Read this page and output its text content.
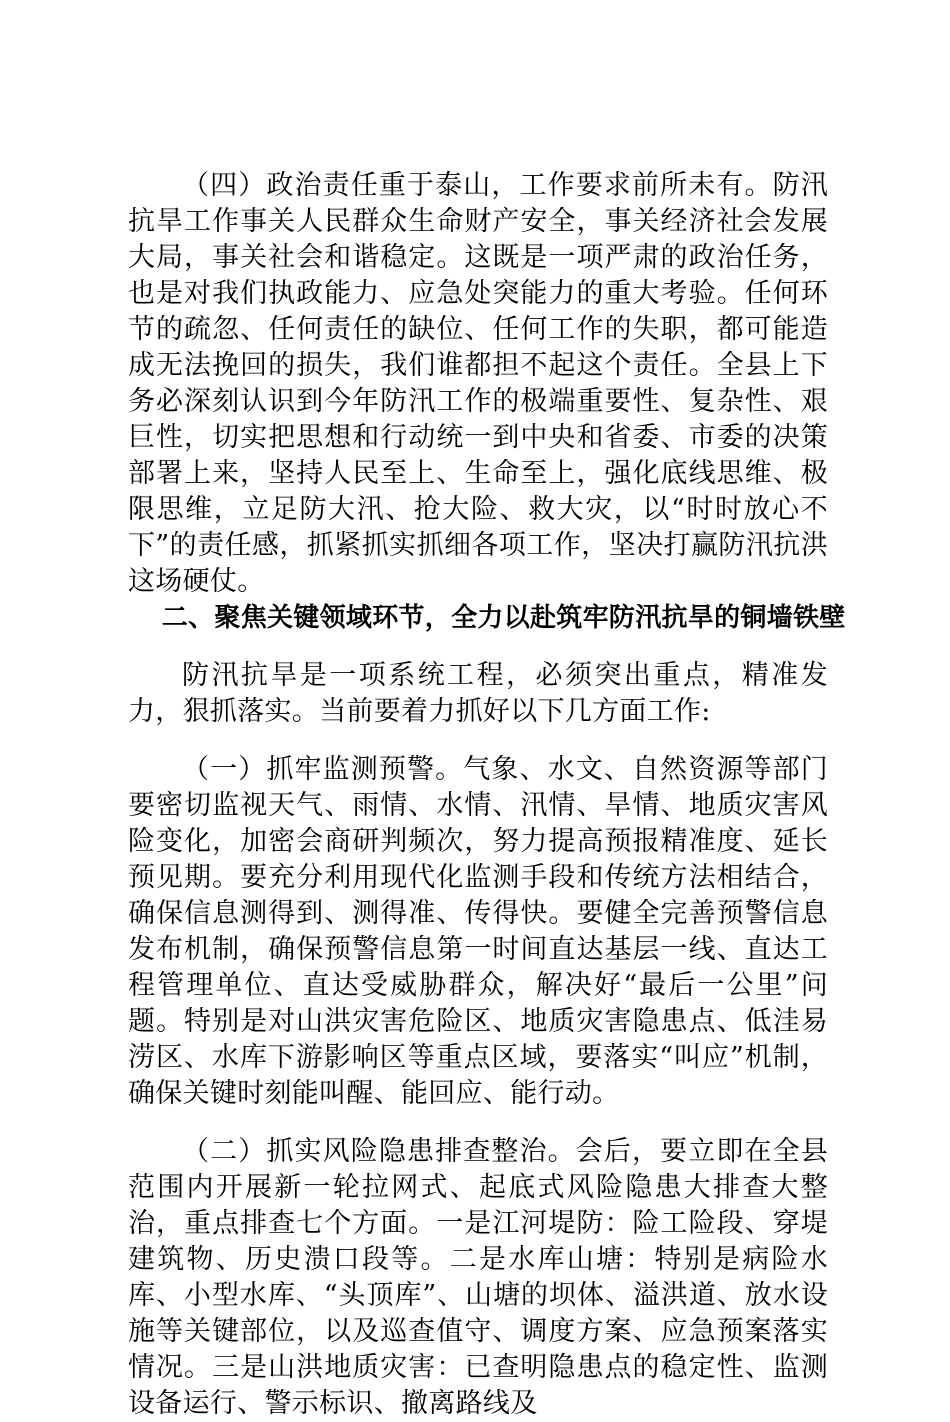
（四）政治责任重于泰山，工作要求前所未有。防汛抗旱工作事关人民群众生命财产安全，事关经济社会发展大局，事关社会和谐稳定。这既是一项严肃的政治任务，也是对我们执政能力、应急处突能力的重大考验。任何环节的疏忽、任何责任的缺位、任何工作的失职，都可能造成无法挽回的损失，我们谁都担不起这个责任。全县上下务必深刻认识到今年防汛工作的极端重要性、复杂性、艰巨性，切实把思想和行动统一到中央和省委、市委的决策部署上来，坚持人民至上、生命至上，强化底线思维、极限思维，立足防大汛、抢大险、救大灾，以“时时放心不下”的责任感，抓紧抓实抓细各项工作，坚决打赢防汛抗洪这场硬仗。

二、聚焦关键领域环节，全力以赴筑牢防汛抗旱的铜墙铁壁

防汛抗旱是一项系统工程，必须突出重点，精准发力，狠抓落实。当前要着力抓好以下几方面工作:

（一）抓牢监测预警。气象、水文、自然资源等部门要密切监视天气、雨情、水情、汛情、旱情、地质灾害风险变化，加密会商研判频次，努力提高预报精准度、延长预见期。要充分利用现代化监测手段和传统方法相结合，确保信息测得到、测得准、传得快。要健全完善预警信息发布机制，确保预警信息第一时间直达基层一线、直达工程管理单位、直达受威胁群众，解决好“最后一公里”问题。特别是对山洪灾害危险区、地质灾害隐患点、低洼易涝区、水库下游影响区等重点区域，要落实“叫应”机制，确保关键时刻能叫醒、能回应、能行动。

（二）抓实风险隐患排查整治。会后，要立即在全县范围内开展新一轮拉网式、起底式风险隐患大排查大整治，重点排查七个方面。一是江河堤防：险工险段、穿堤建筑物、历史溃口段等。二是水库山塘：特别是病险水库、小型水库、“头顶库”、山塘的坝体、溢洪道、放水设施等关键部位，以及巡查值守、调度方案、应急预案落实情况。三是山洪地质灾害：已查明隐患点的稳定性、监测设备运行、警示标识、撤离路线及
